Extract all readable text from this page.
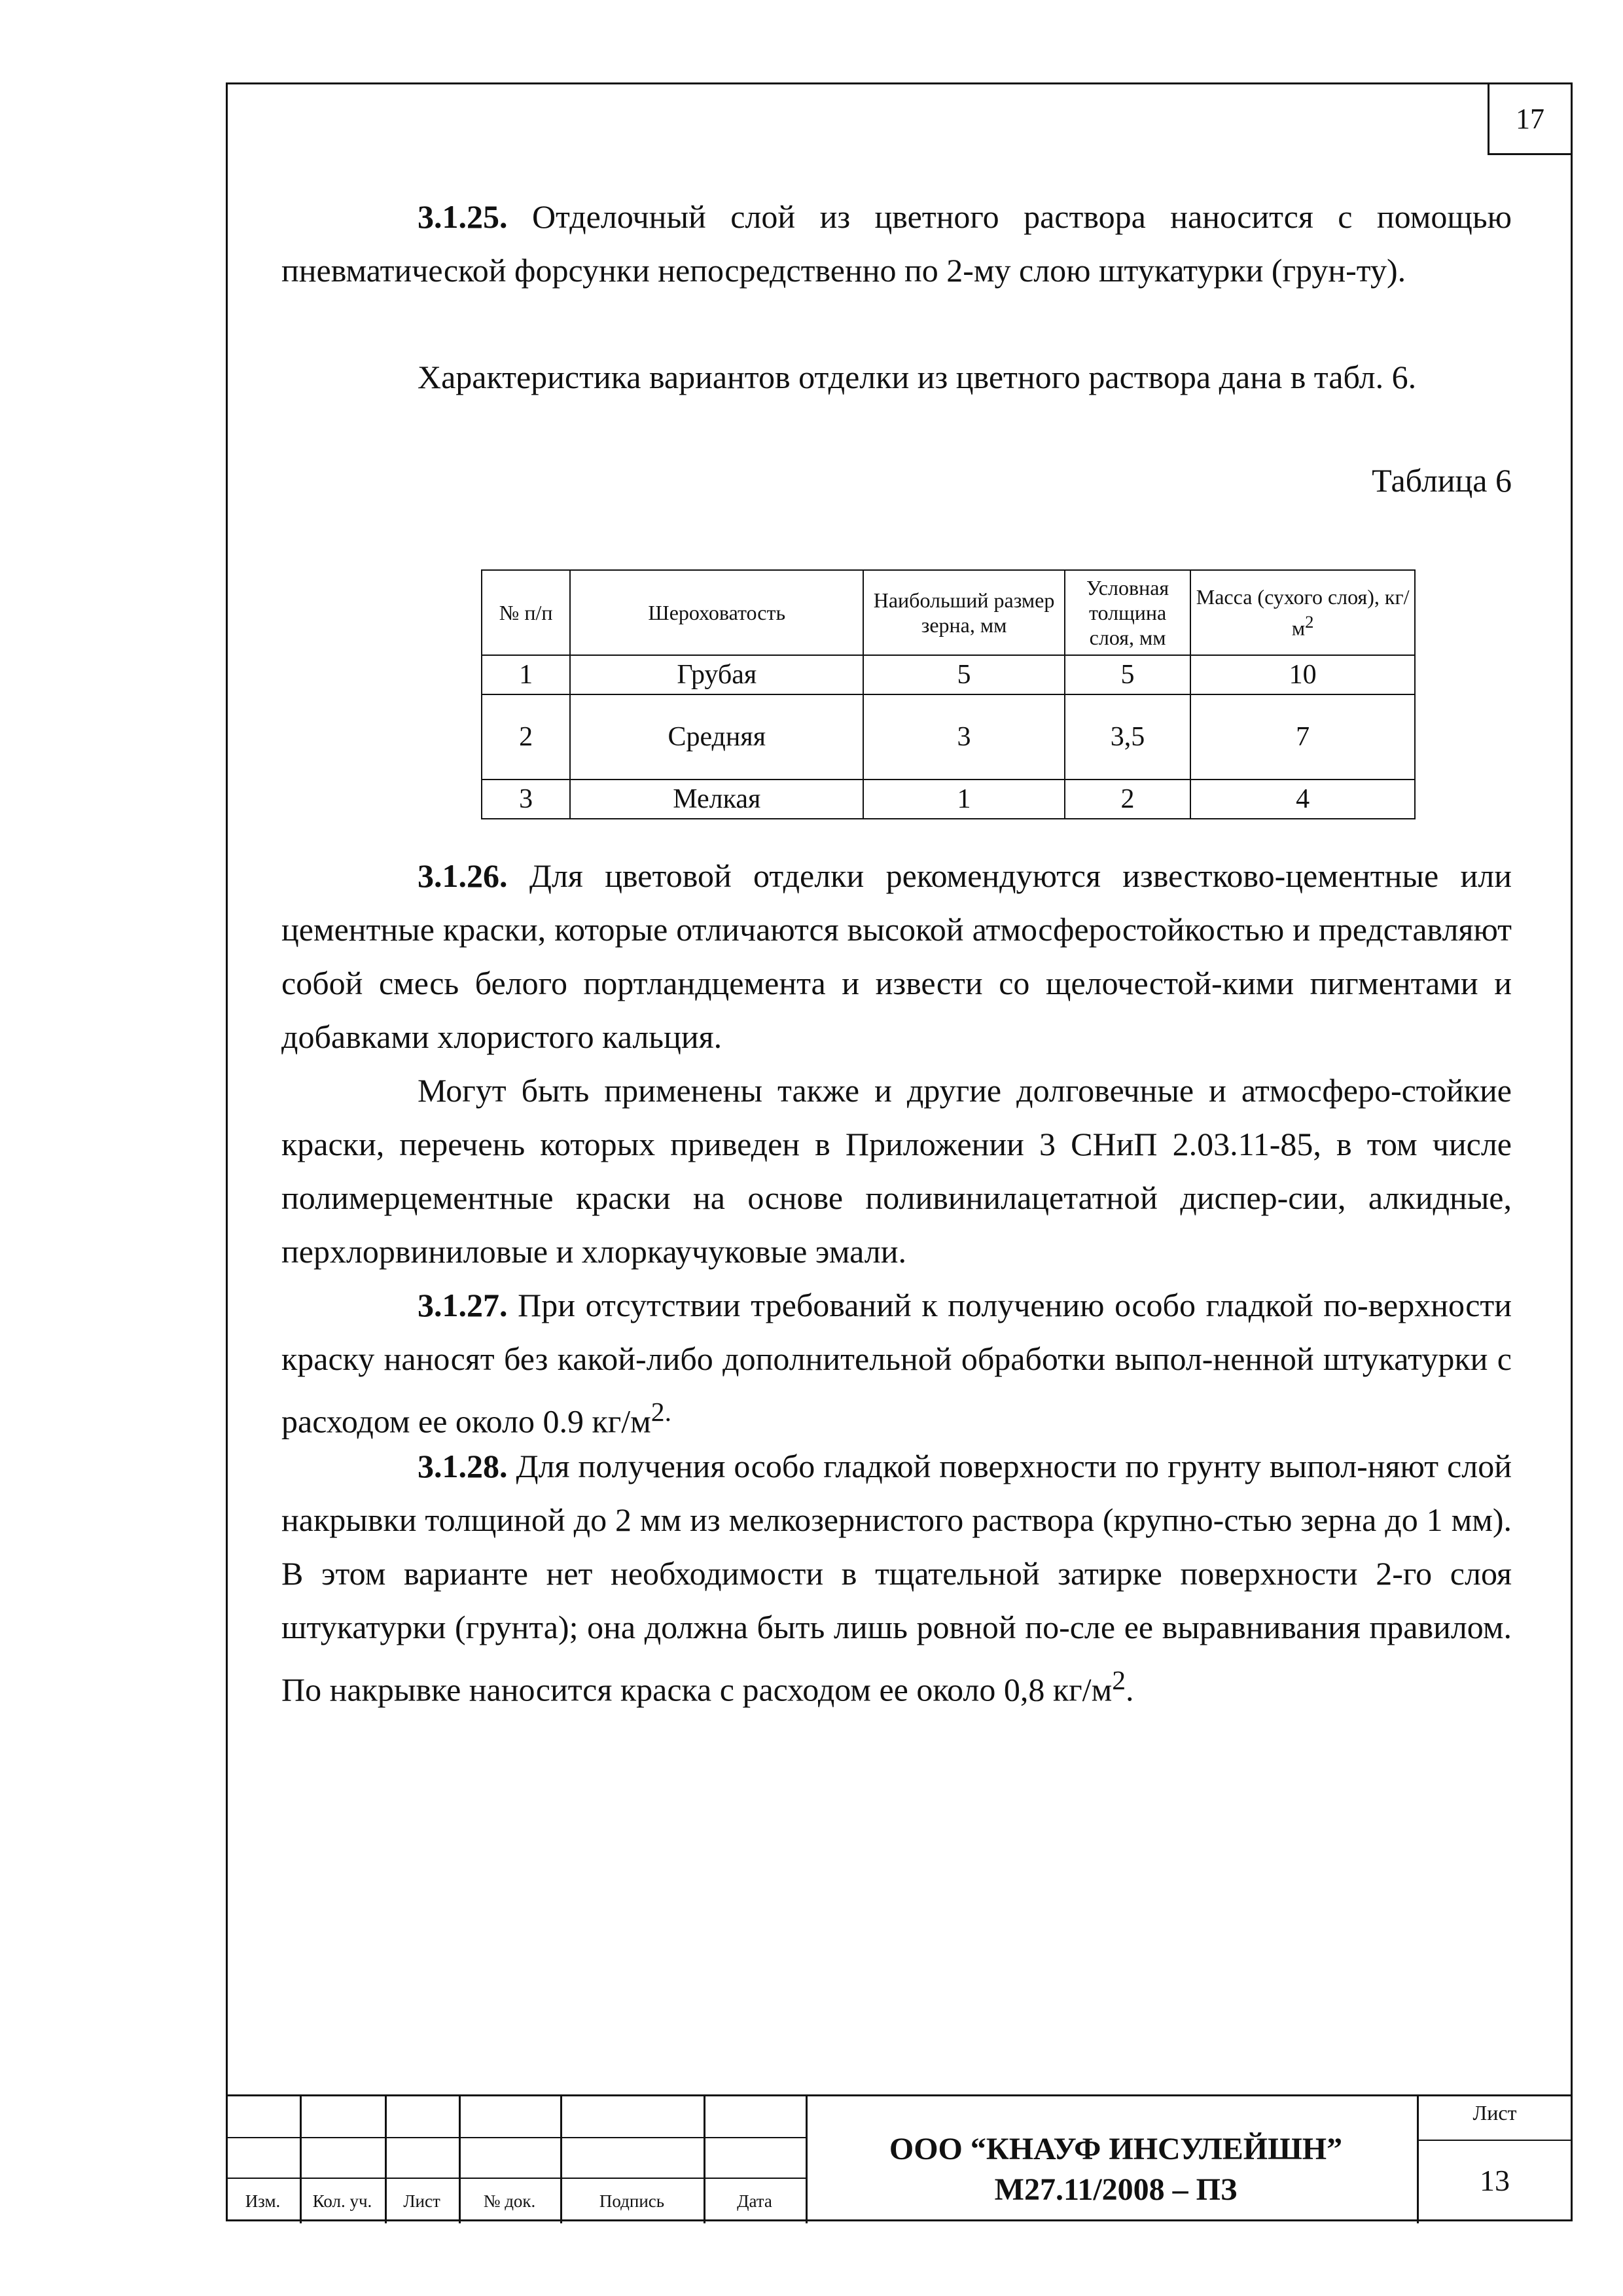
17

3.1.25. Отделочный слой из цветного раствора наносится с помощью пневматической форсунки непосредственно по 2-му слою штукатурки (грун-ту).

Характеристика вариантов отделки из цветного раствора дана в табл. 6.

Таблица 6
№ п/п	Шероховатость	Наибольший размер зерна, мм	Условная толщина слоя, мм	Масса (сухого слоя), $кг/м^2$
1	Грубая	5	5	10
2	Средняя	3	3,5	7
3	Мелкая	1	2	4

3.1.26. Для цветовой отделки рекомендуются известково-цементные или цементные краски, которые отличаются высокой атмосферостойкостью и представляют собой смесь белого портландцемента и извести со щелочестой-кими пигментами и добавками хлористого кальция.

Могут быть применены также и другие долговечные и атмосферо-стойкие краски, перечень которых приведен в Приложении 3 СНиП 2.03.11-85, в том числе полимерцементные краски на основе поливинилацетатной диспер-сии, алкидные, перхлорвиниловые и хлоркаучуковые эмали.

3.1.27. При отсутствии требований к получению особо гладкой по-верхности краску наносят без какой-либо дополнительной обработки выпол-ненной штукатурки с расходом ее около 0.9 $кг/м^{2.}$

3.1.28. Для получения особо гладкой поверхности по грунту выпол-няют слой накрывки толщиной до 2 мм из мелкозернистого раствора (крупно-стью зерна до 1 мм). В этом варианте нет необходимости в тщательной затирке поверхности 2-го слоя штукатурки (грунта); она должна быть лишь ровной по-сле ее выравнивания правилом. По накрывке наносится краска с расходом ее около 0,8 $кг/м^2$.

Изм.	Кол. уч.	Лист	№ док.	Подпись	Дата
ООО “КНАУФ ИНСУЛЕЙШН”
М27.11/2008 – ПЗ
Лист
13
